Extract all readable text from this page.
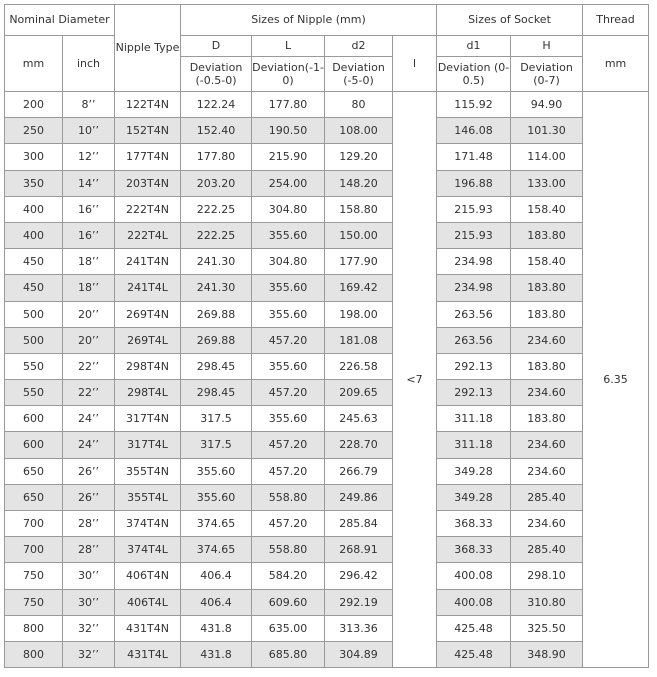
Nominal Diameter		Nipple Type	Sizes of Nipple (mm)				Sizes of Socket		Thread
mm	inch		D	L	d2	l	d1	H	mm
			Deviation (-0.5-0)	Deviation(-1-0)	Deviation (-5-0)		Deviation (0-0.5)	Deviation (0-7)	
200	8’’	122T4N	122.24	177.80	80	<7	115.92	94.90	6.35
250	10’’	152T4N	152.40	190.50	108.00		146.08	101.30	
300	12’’	177T4N	177.80	215.90	129.20		171.48	114.00	
350	14’’	203T4N	203.20	254.00	148.20		196.88	133.00	
400	16’’	222T4N	222.25	304.80	158.80		215.93	158.40	
400	16’’	222T4L	222.25	355.60	150.00		215.93	183.80	
450	18’’	241T4N	241.30	304.80	177.90		234.98	158.40	
450	18’’	241T4L	241.30	355.60	169.42		234.98	183.80	
500	20’’	269T4N	269.88	355.60	198.00		263.56	183.80	
500	20’’	269T4L	269.88	457.20	181.08		263.56	234.60	
550	22’’	298T4N	298.45	355.60	226.58		292.13	183.80	
550	22’’	298T4L	298.45	457.20	209.65		292.13	234.60	
600	24’’	317T4N	317.5	355.60	245.63		311.18	183.80	
600	24’’	317T4L	317.5	457.20	228.70		311.18	234.60	
650	26’’	355T4N	355.60	457.20	266.79		349.28	234.60	
650	26’’	355T4L	355.60	558.80	249.86		349.28	285.40	
700	28’’	374T4N	374.65	457.20	285.84		368.33	234.60	
700	28’’	374T4L	374.65	558.80	268.91		368.33	285.40	
750	30’’	406T4N	406.4	584.20	296.42		400.08	298.10	
750	30’’	406T4L	406.4	609.60	292.19		400.08	310.80	
800	32’’	431T4N	431.8	635.00	313.36		425.48	325.50	
800	32’’	431T4L	431.8	685.80	304.89		425.48	348.90	
